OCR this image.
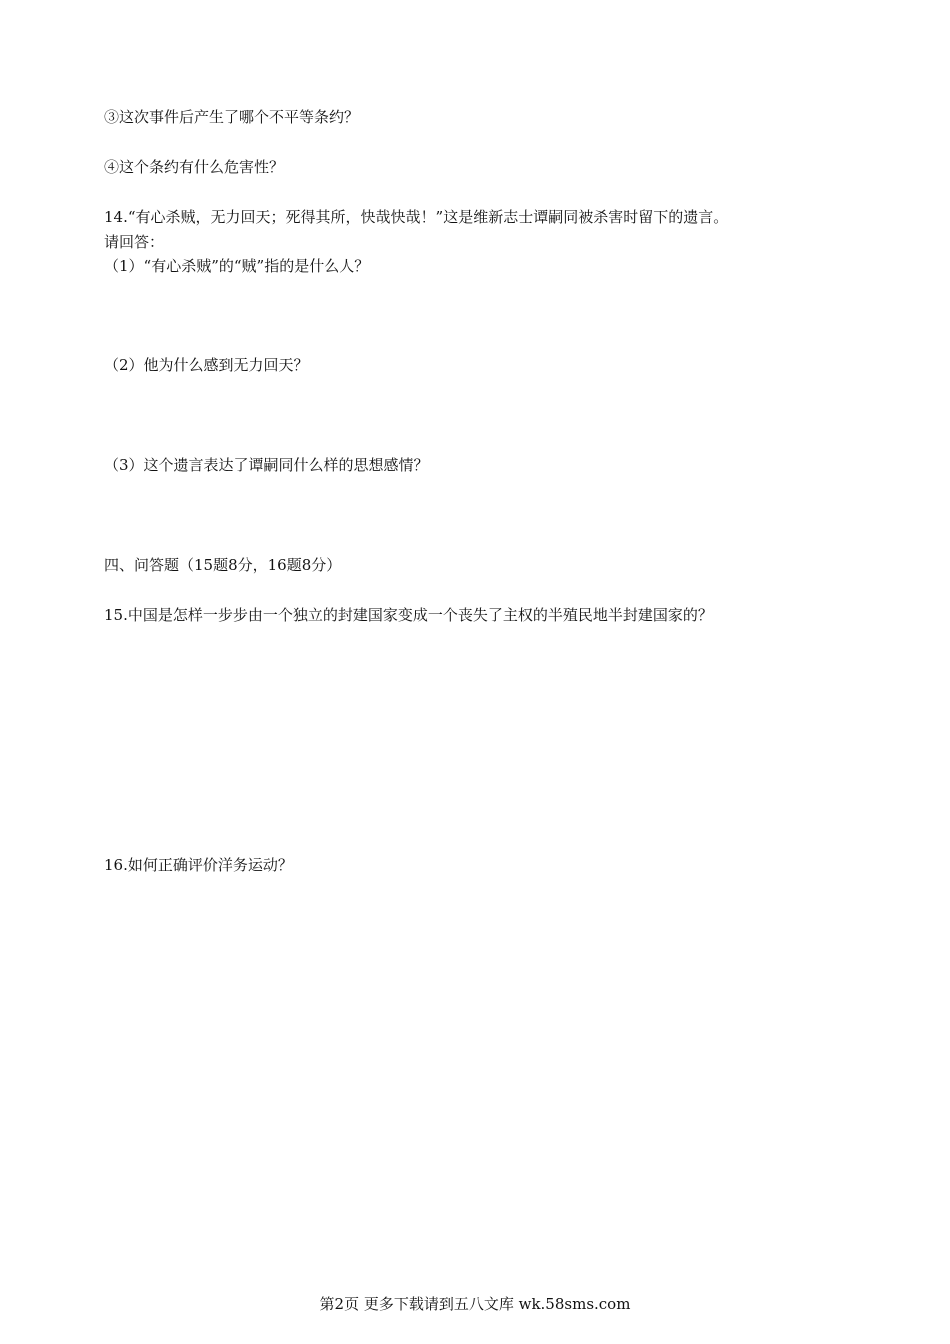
③这次事件后产生了哪个不平等条约？
④这个条约有什么危害性？
14.“有心杀贼，无力回天；死得其所，快哉快哉！”这是维新志士谭嗣同被杀害时留下的遗言。
请回答：
（1）“有心杀贼”的“贼”指的是什么人？
（2）他为什么感到无力回天？
（3）这个遗言表达了谭嗣同什么样的思想感情？
四、问答题（15题8分，16题8分）
15.中国是怎样一步步由一个独立的封建国家变成一个丧失了主权的半殖民地半封建国家的？
16.如何正确评价洋务运动？
第2页 更多下载请到五八文库 wk.58sms.com
